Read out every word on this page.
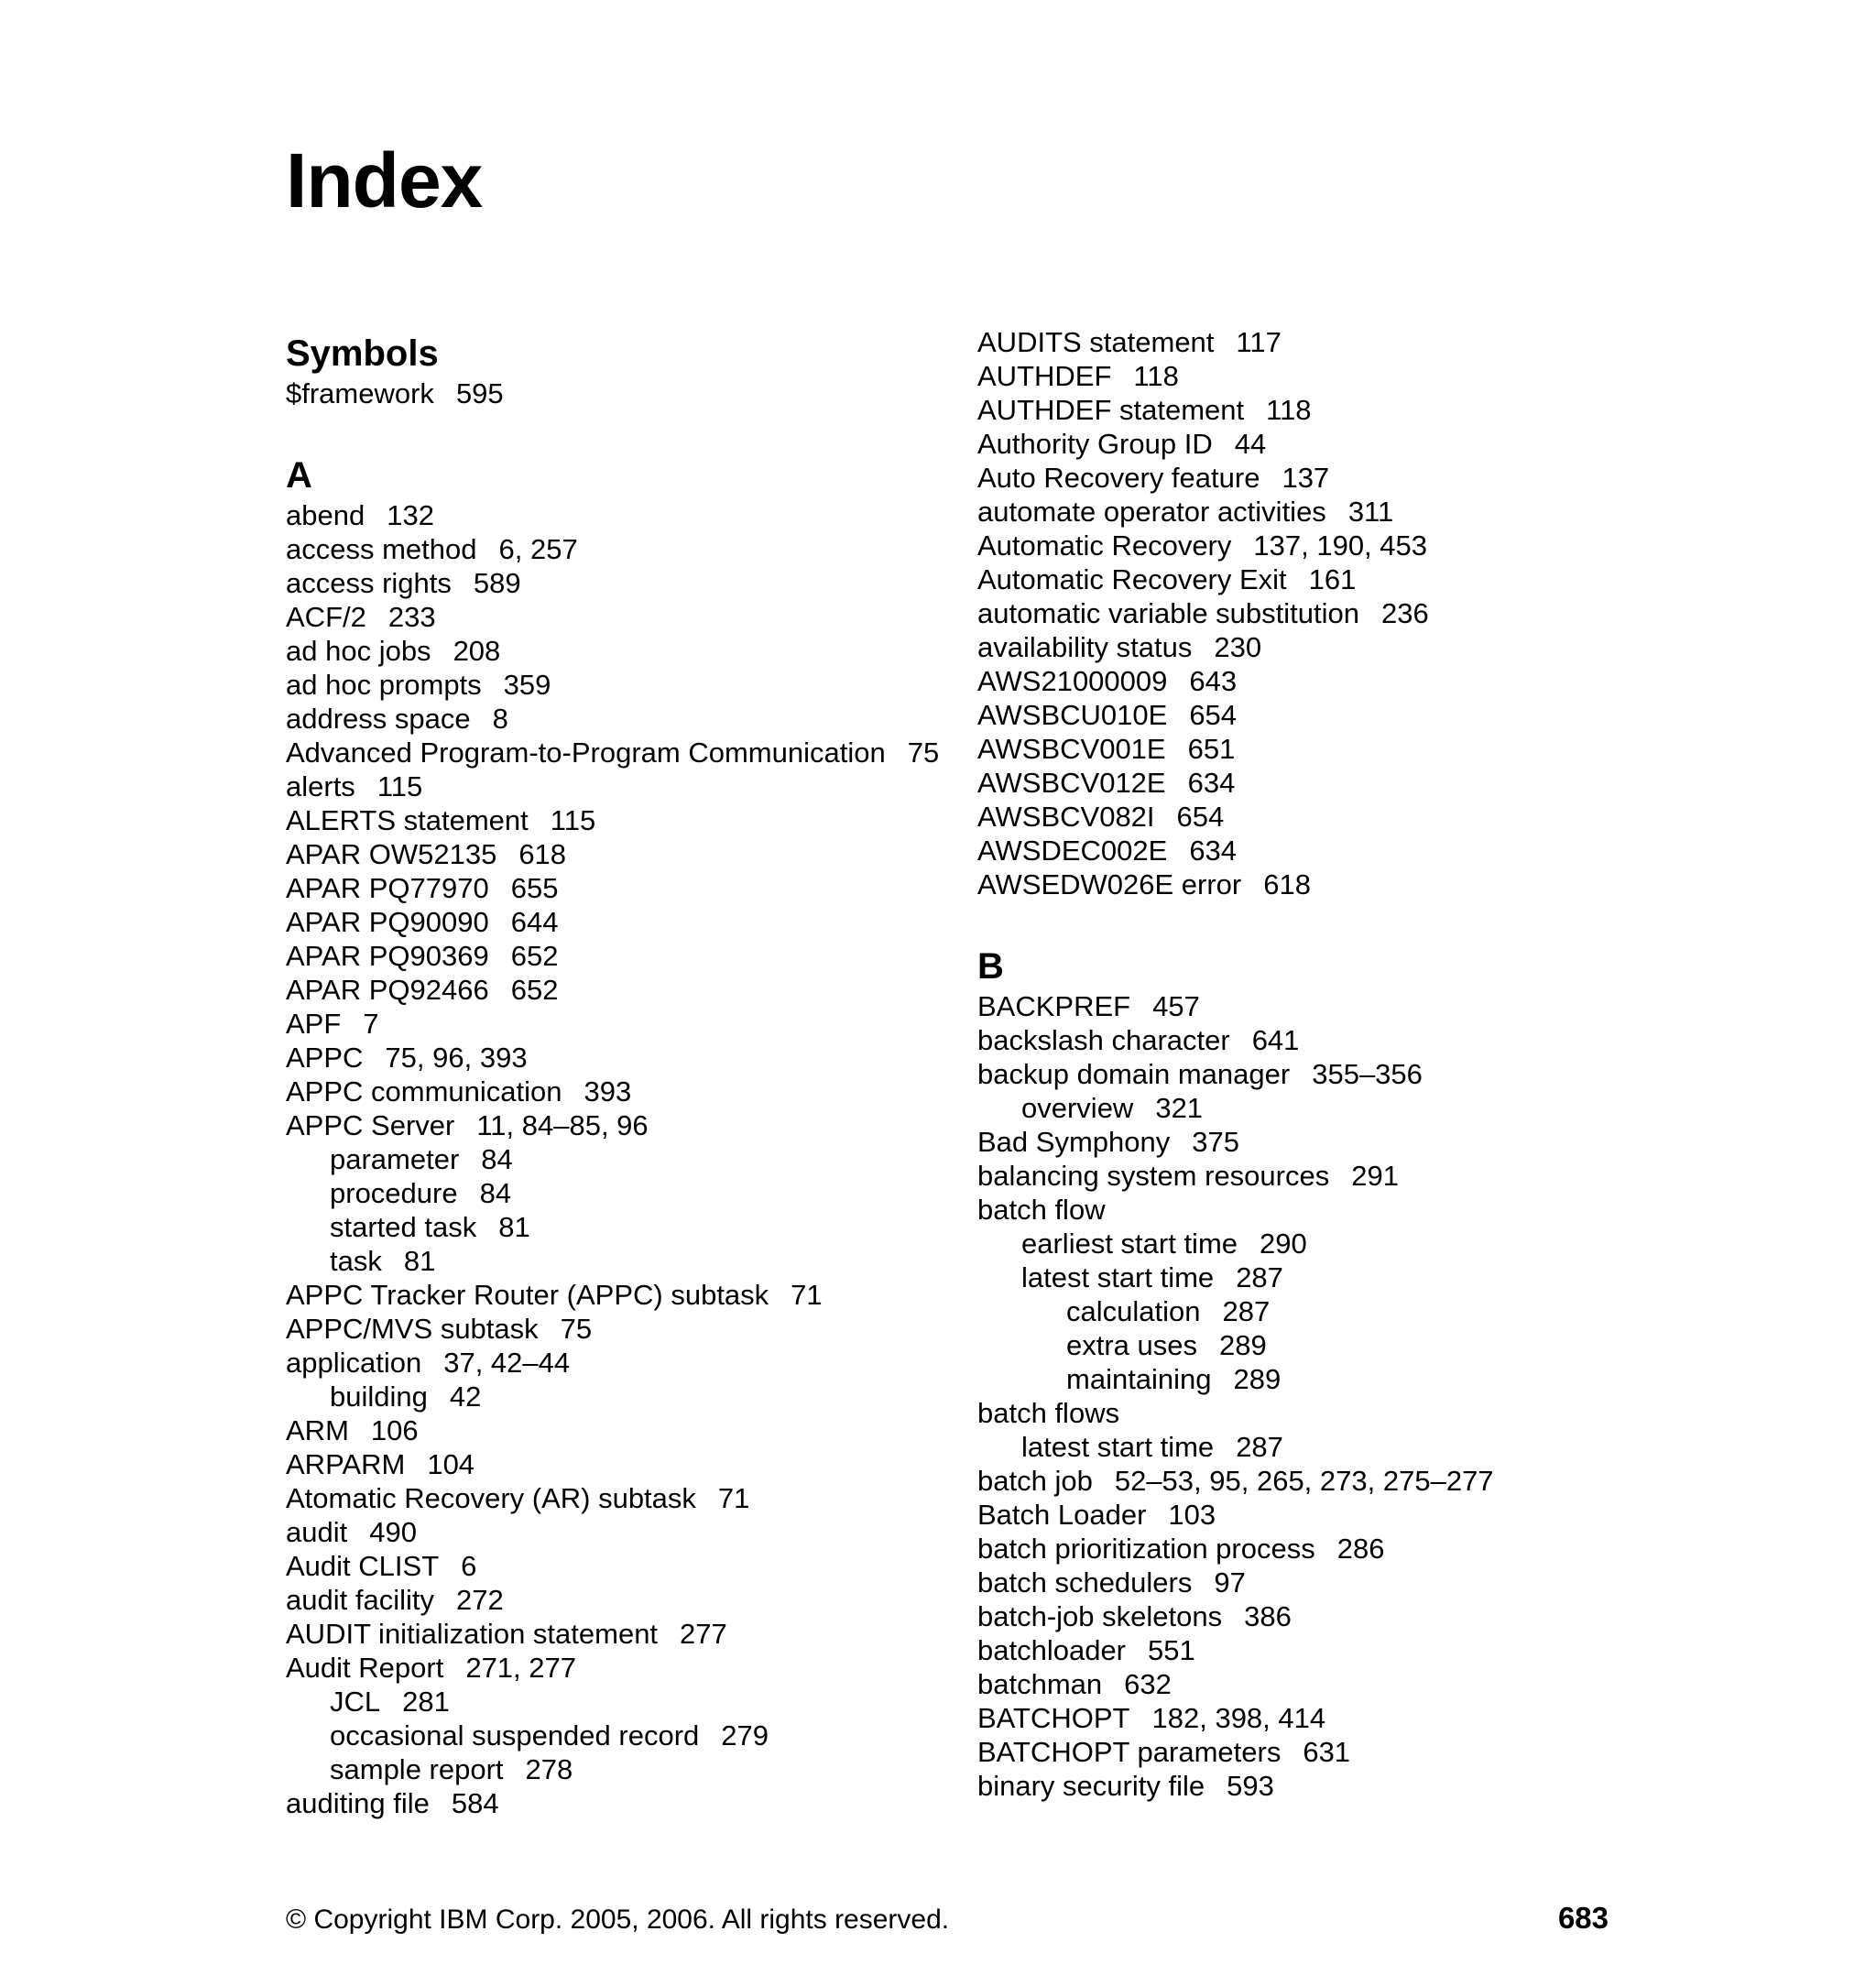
Index
Symbols
$framework 595
A
abend 132
access method 6, 257
access rights 589
ACF/2 233
ad hoc jobs 208
ad hoc prompts 359
address space 8
Advanced Program-to-Program Communication 75
alerts 115
ALERTS statement 115
APAR OW52135 618
APAR PQ77970 655
APAR PQ90090 644
APAR PQ90369 652
APAR PQ92466 652
APF 7
APPC 75, 96, 393
APPC communication 393
APPC Server 11, 84–85, 96
parameter 84
procedure 84
started task 81
task 81
APPC Tracker Router (APPC) subtask 71
APPC/MVS subtask 75
application 37, 42–44
building 42
ARM 106
ARPARM 104
Atomatic Recovery (AR) subtask 71
audit 490
Audit CLIST 6
audit facility 272
AUDIT initialization statement 277
Audit Report 271, 277
JCL 281
occasional suspended record 279
sample report 278
auditing file 584
AUDITS statement 117
AUTHDEF 118
AUTHDEF statement 118
Authority Group ID 44
Auto Recovery feature 137
automate operator activities 311
Automatic Recovery 137, 190, 453
Automatic Recovery Exit 161
automatic variable substitution 236
availability status 230
AWS21000009 643
AWSBCU010E 654
AWSBCV001E 651
AWSBCV012E 634
AWSBCV082I 654
AWSDEC002E 634
AWSEDW026E error 618
B
BACKPREF 457
backslash character 641
backup domain manager 355–356
overview 321
Bad Symphony 375
balancing system resources 291
batch flow
earliest start time 290
latest start time 287
calculation 287
extra uses 289
maintaining 289
batch flows
latest start time 287
batch job 52–53, 95, 265, 273, 275–277
Batch Loader 103
batch prioritization process 286
batch schedulers 97
batch-job skeletons 386
batchloader 551
batchman 632
BATCHOPT 182, 398, 414
BATCHOPT parameters 631
binary security file 593
© Copyright IBM Corp. 2005, 2006. All rights reserved.	683
